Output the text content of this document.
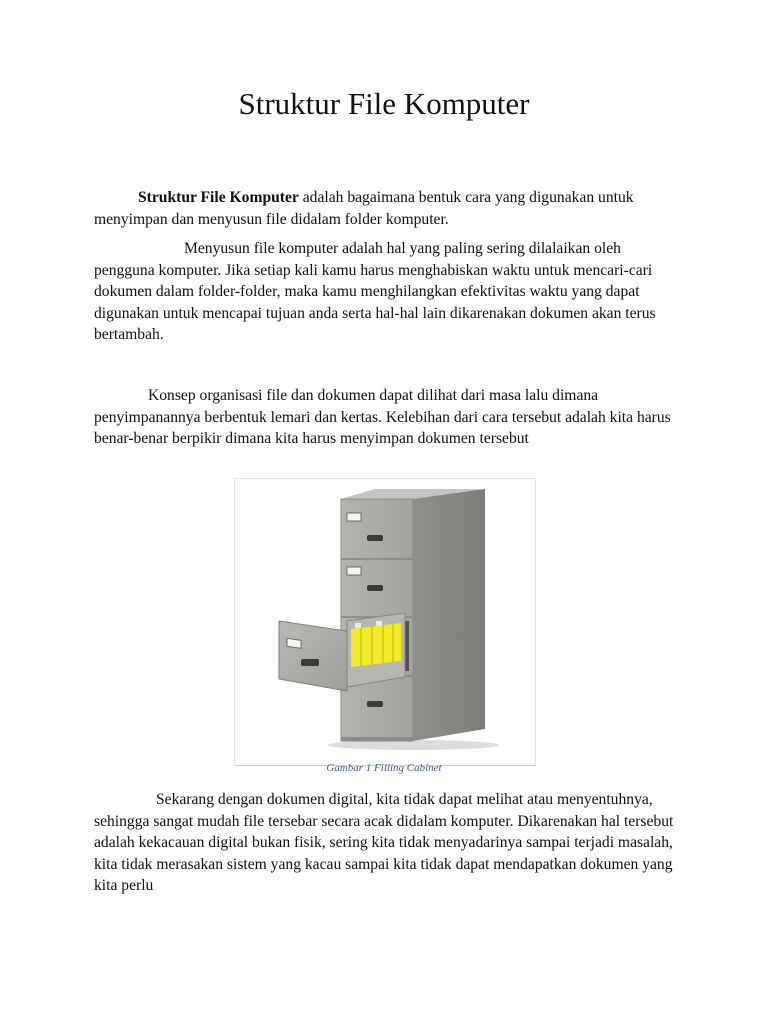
Struktur File Komputer

Struktur File Komputer adalah bagaimana bentuk cara yang digunakan untuk menyimpan dan menyusun file didalam folder komputer.

Menyusun file komputer adalah hal yang paling sering dilalaikan oleh pengguna komputer. Jika setiap kali kamu harus menghabiskan waktu untuk mencari-cari dokumen dalam folder-folder, maka kamu menghilangkan efektivitas waktu yang dapat digunakan untuk mencapai tujuan anda serta hal-hal lain dikarenakan dokumen akan terus bertambah.

Konsep organisasi file dan dokumen dapat dilihat dari masa lalu dimana penyimpanannya berbentuk lemari dan kertas. Kelebihan dari cara tersebut adalah kita harus benar-benar berpikir dimana kita harus menyimpan dokumen tersebut

Gambar 1 Filling Cabinet

Sekarang dengan dokumen digital, kita tidak dapat melihat atau menyentuhnya, sehingga sangat mudah file tersebar secara acak didalam komputer. Dikarenakan hal tersebut adalah kekacauan digital bukan fisik, sering kita tidak menyadarinya sampai terjadi masalah, kita tidak merasakan sistem yang kacau sampai kita tidak dapat mendapatkan dokumen yang kita perlu
